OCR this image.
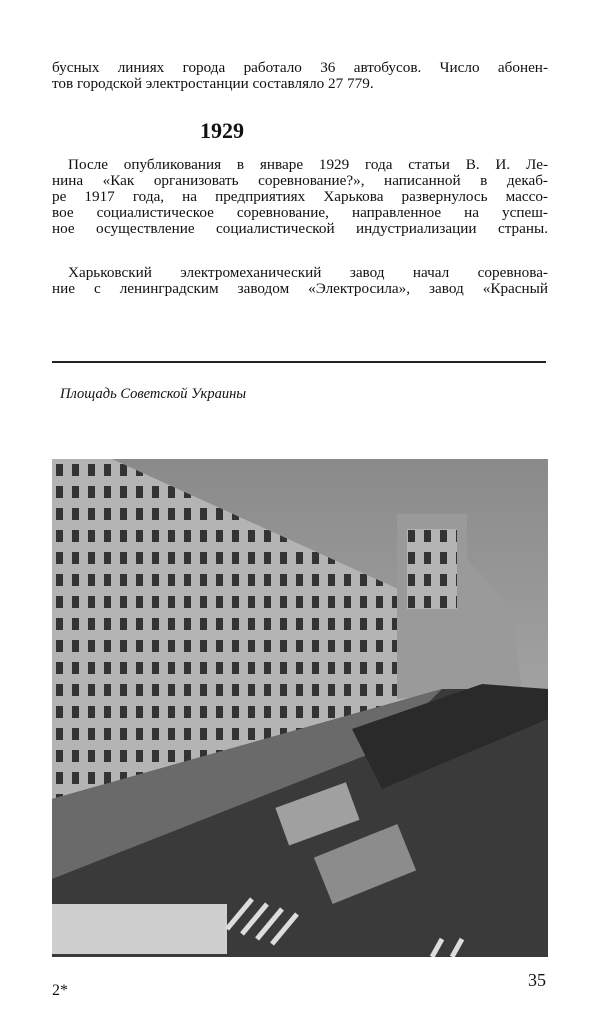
бусных линиях города работало 36 автобусов. Число абонен-
тов городской электростанции составляло 27 779.
1929
После опубликования в январе 1929 года статьи В. И. Ле-
нина «Как организовать соревнование?», написанной в декаб-
ре 1917 года, на предприятиях Харькова развернулось массо-
вое социалистическое соревнование, направленное на успеш-
ное осуществление социалистической индустриализации страны.
Харьковский электромеханический завод начал соревнова-
ние с ленинградским заводом «Электросила», завод «Красный
Площадь Советской Украины
2*
35
